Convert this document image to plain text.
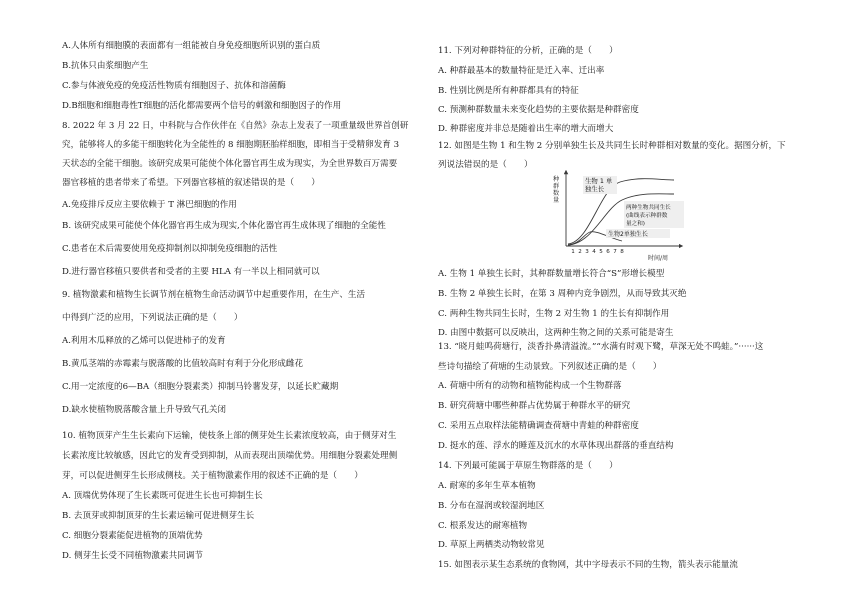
A.人体所有细胞膜的表面都有一组能被自身免疫细胞所识别的蛋白质
B.抗体只由浆细胞产生
C.参与体液免疫的免疫活性物质有细胞因子、抗体和溶菌酶
D.B细胞和细胞毒性T细胞的活化都需要两个信号的刺激和细胞因子的作用
8. 2022 年 3 月 22 日，中科院与合作伙伴在《自然》杂志上发表了一项重量级世界首创研
究，能够将人的多能干细胞转化为全能性的 8 细胞期胚胎样细胞，即相当于受精卵发育 3
天状态的全能干细胞。该研究成果可能使个体化器官再生成为现实，为全世界数百万需要
器官移植的患者带来了希望。下列器官移植的叙述错误的是（　　）
A.免疫排斥反应主要依赖于 T 淋巴细胞的作用
B. 该研究成果可能使个体化器官再生成为现实,个体化器官再生成体现了细胞的全能性
C.患者在术后需要使用免疫抑制剂以抑制免疫细胞的活性
D.进行器官移植只要供者和受者的主要 HLA 有一半以上相同就可以
9. 植物激素和植物生长调节剂在植物生命活动调节中起重要作用，在生产、生活
中得到广泛的应用，下列说法正确的是（　　）
A.利用木瓜释放的乙烯可以促进柿子的发育
B.黄瓜茎端的赤霉素与脱落酸的比值较高时有利于分化形成雌花
C.用一定浓度的6—BA（细胞分裂素类）抑制马铃薯发芽，以延长贮藏期
D.缺水使植物脱落酸含量上升导致气孔关闭
10. 植物顶芽产生生长素向下运输，使枝条上部的侧芽处生长素浓度较高，由于侧芽对生
长素浓度比较敏感，因此它的发育受到抑制，从而表现出顶端优势。用细胞分裂素处理侧
芽，可以促进侧芽生长形成侧枝。关于植物激素作用的叙述不正确的是（　　）
A. 顶端优势体现了生长素既可促进生长也可抑制生长
B. 去顶芽或抑制顶芽的生长素运输可促进侧芽生长
C. 细胞分裂素能促进植物的顶端优势
D. 侧芽生长受不同植物激素共同调节
11. 下列对种群特征的分析，正确的是（　　）
A. 种群最基本的数量特征是迁入率、迁出率
B. 性别比例是所有种群都具有的特征
C. 预测种群数量未来变化趋势的主要依据是种群密度
D. 种群密度并非总是随着出生率的增大而增大
12. 如图是生物 1 和生物 2 分别单独生长及共同生长时种群相对数量的变化。据图分析，下
列说法错误的是（　　）
A. 生物 1 单独生长时，其种群数量增长符合“S”形增长模型
B. 生物 2 单独生长时，在第 3 周种内竞争剧烈，从而导致其灭绝
C. 两种生物共同生长时，生物 2 对生物 1 的生长有抑制作用
D. 由图中数据可以反映出，这两种生物之间的关系可能是寄生
13. “晓月蛙鸣荷塘行，淡香扑鼻清溢流。”“水满有时观下鹭，草深无处不鸣蛙。”······这
些诗句描绘了荷塘的生动景致。下列叙述正确的是（　　）
A. 荷塘中所有的动物和植物能构成一个生物群落
B. 研究荷塘中哪些种群占优势属于种群水平的研究
C. 采用五点取样法能精确调查荷塘中青蛙的种群密度
D. 挺水的莲、浮水的睡莲及沉水的水草体现出群落的垂直结构
14. 下列最可能属于草原生物群落的是（　　）
A. 耐寒的多年生草本植物
B. 分布在湿润或较湿润地区
C. 根系发达的耐寒植物
D. 草原上两栖类动物较常见
15. 如图表示某生态系统的食物网，其中字母表示不同的生物，箭头表示能量流
种
群
数
量
1 2 3 4 5 6 7 8
时间/周
生物 1 单
独生长
两种生物共同生长
(曲线表示种群数
量之和)
生物2单独生长
